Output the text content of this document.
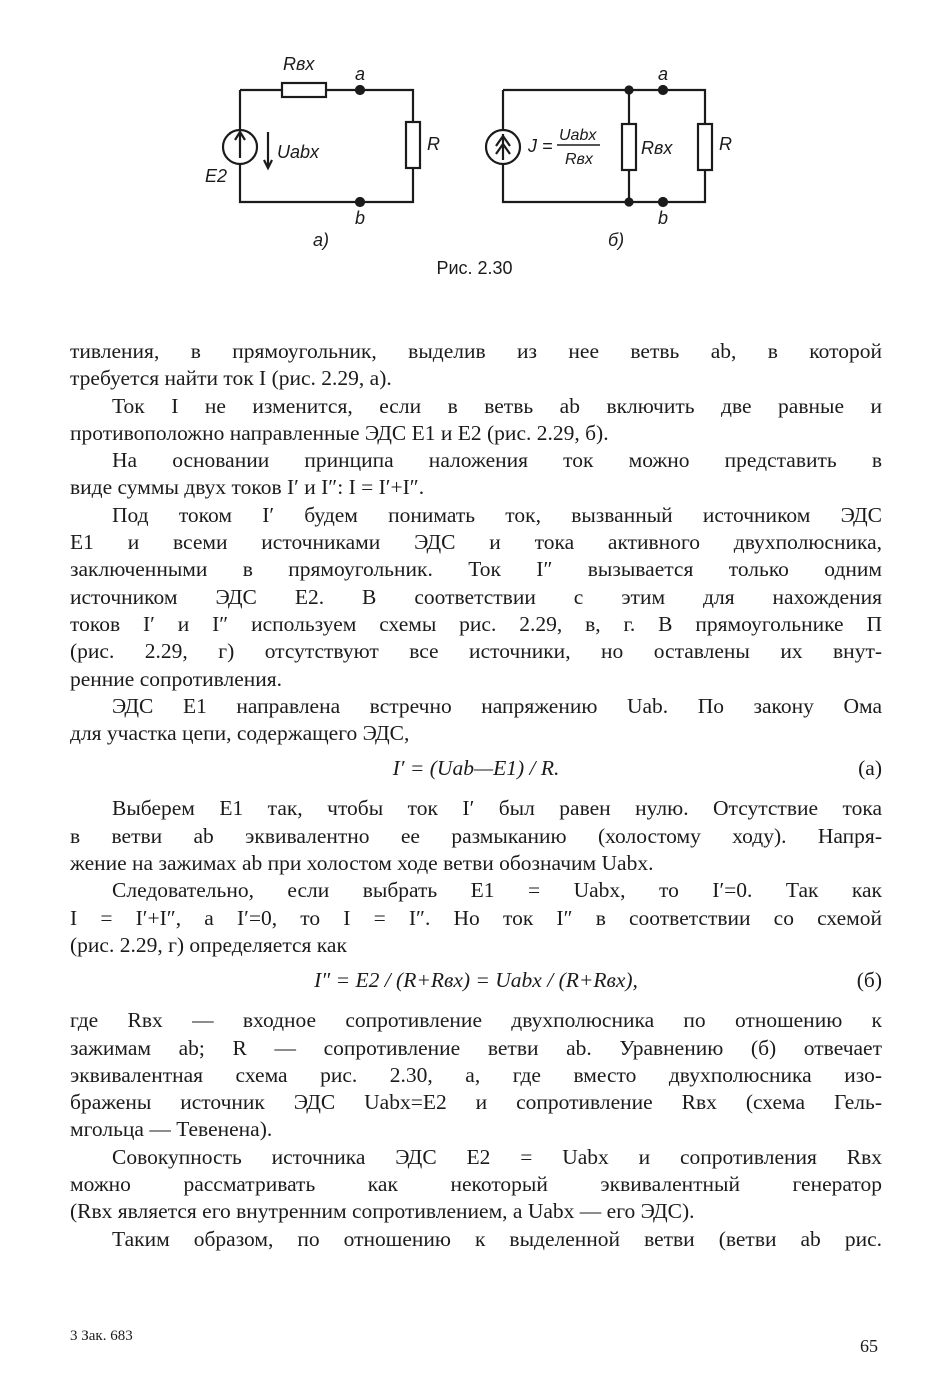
Rвх a
b
Uabx
E2
R
а)
a
b
J =
Uabx
Rвх
Rвх	R
б)
Рис. 2.30

тивления, в прямоугольник, выделив из нее ветвь ab, в которой

требуется найти ток I (рис. 2.29, а).

Ток I не изменится, если в ветвь ab включить две равные и

противоположно направленные ЭДС E1 и E2 (рис. 2.29, б).

На основании принципа наложения ток можно представить в

виде суммы двух токов I′ и I″: I = I′+I″.

Под током I′ будем понимать ток, вызванный источником ЭДС

E1 и всеми источниками ЭДС и тока активного двухполюсника,

заключенными в прямоугольник. Ток I″ вызывается только одним

источником ЭДС E2. В соответствии с этим для нахождения

токов I′ и I″ используем схемы рис. 2.29, в, г. В прямоугольнике П

(рис. 2.29, г) отсутствуют все источники, но оставлены их внут-

ренние сопротивления.

ЭДС E1 направлена встречно напряжению Uab. По закону Ома

для участка цепи, содержащего ЭДС,

I′ = (Uab—E1) / R.	(а)

Выберем E1 так, чтобы ток I′ был равен нулю. Отсутствие тока

в ветви ab эквивалентно ее размыканию (холостому ходу). Напря-

жение на зажимах ab при холостом ходе ветви обозначим Uabx.

Следовательно, если выбрать E1 = Uabx, то I′=0. Так как

I = I′+I″, а I′=0, то I = I″. Но ток I″ в соответствии со схемой

(рис. 2.29, г) определяется как

I″ = E2 / (R+Rвх) = Uabx / (R+Rвх),	(б)

где Rвх — входное сопротивление двухполюсника по отношению к

зажимам ab; R — сопротивление ветви ab. Уравнению (б) отвечает

эквивалентная схема рис. 2.30, а, где вместо двухполюсника изо-

бражены источник ЭДС Uabx=E2 и сопротивление Rвх (схема Гель-

мгольца — Тевенена).

Совокупность источника ЭДС E2 = Uabx и сопротивления Rвх

можно рассматривать как некоторый эквивалентный генератор

(Rвх является его внутренним сопротивлением, а Uabx — его ЭДС).

Таким образом, по отношению к выделенной ветви (ветви ab рис.

3 Зак. 683	65
